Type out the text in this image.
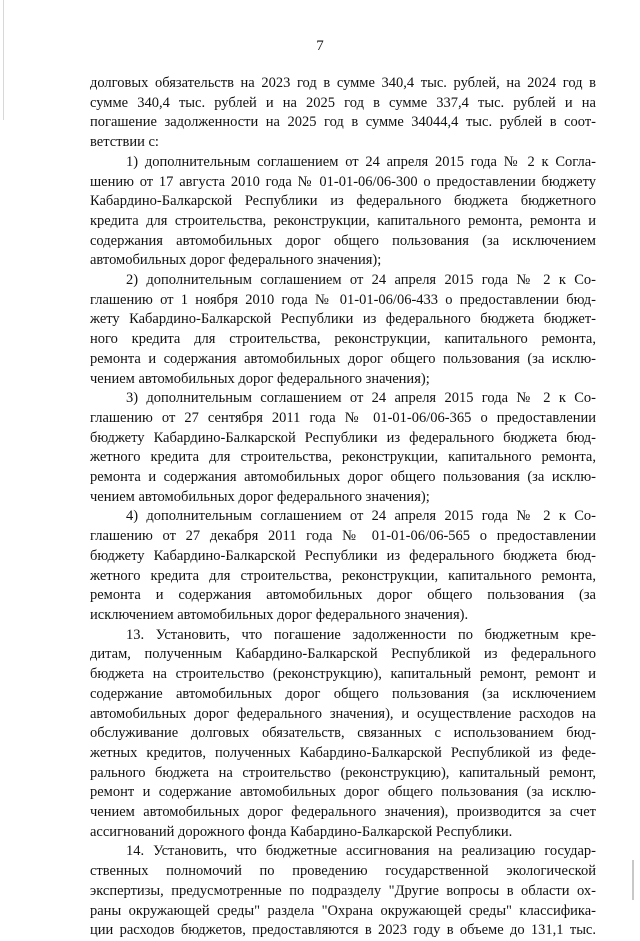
7
долговых обязательств на 2023 год в сумме 340,4 тыс. рублей, на 2024 год в
сумме 340,4 тыс. рублей и на 2025 год в сумме 337,4 тыс. рублей и на
погашение задолженности на 2025 год в сумме 34044,4 тыс. рублей в соот-
ветствии с:
1) дополнительным соглашением от 24 апреля 2015 года № 2 к Согла-
шению от 17 августа 2010 года № 01-01-06/06-300 о предоставлении бюджету
Кабардино-Балкарской Республики из федерального бюджета бюджетного
кредита для строительства, реконструкции, капитального ремонта, ремонта и
содержания автомобильных дорог общего пользования (за исключением
автомобильных дорог федерального значения);
2) дополнительным соглашением от 24 апреля 2015 года № 2 к Со-
глашению от 1 ноября 2010 года № 01-01-06/06-433 о предоставлении бюд-
жету Кабардино-Балкарской Республики из федерального бюджета бюджет-
ного кредита для строительства, реконструкции, капитального ремонта,
ремонта и содержания автомобильных дорог общего пользования (за исклю-
чением автомобильных дорог федерального значения);
3) дополнительным соглашением от 24 апреля 2015 года № 2 к Со-
глашению от 27 сентября 2011 года № 01-01-06/06-365 о предоставлении
бюджету Кабардино-Балкарской Республики из федерального бюджета бюд-
жетного кредита для строительства, реконструкции, капитального ремонта,
ремонта и содержания автомобильных дорог общего пользования (за исклю-
чением автомобильных дорог федерального значения);
4) дополнительным соглашением от 24 апреля 2015 года № 2 к Со-
глашению от 27 декабря 2011 года № 01-01-06/06-565 о предоставлении
бюджету Кабардино-Балкарской Республики из федерального бюджета бюд-
жетного кредита для строительства, реконструкции, капитального ремонта,
ремонта и содержания автомобильных дорог общего пользования (за
исключением автомобильных дорог федерального значения).
13. Установить, что погашение задолженности по бюджетным кре-
дитам, полученным Кабардино-Балкарской Республикой из федерального
бюджета на строительство (реконструкцию), капитальный ремонт, ремонт и
содержание автомобильных дорог общего пользования (за исключением
автомобильных дорог федерального значения), и осуществление расходов на
обслуживание долговых обязательств, связанных с использованием бюд-
жетных кредитов, полученных Кабардино-Балкарской Республикой из феде-
рального бюджета на строительство (реконструкцию), капитальный ремонт,
ремонт и содержание автомобильных дорог общего пользования (за исклю-
чением автомобильных дорог федерального значения), производится за счет
ассигнований дорожного фонда Кабардино-Балкарской Республики.
14. Установить, что бюджетные ассигнования на реализацию государ-
ственных полномочий по проведению государственной экологической
экспертизы, предусмотренные по подразделу "Другие вопросы в области ох-
раны окружающей среды" раздела "Охрана окружающей среды" классифика-
ции расходов бюджетов, предоставляются в 2023 году в объеме до 131,1 тыс.
